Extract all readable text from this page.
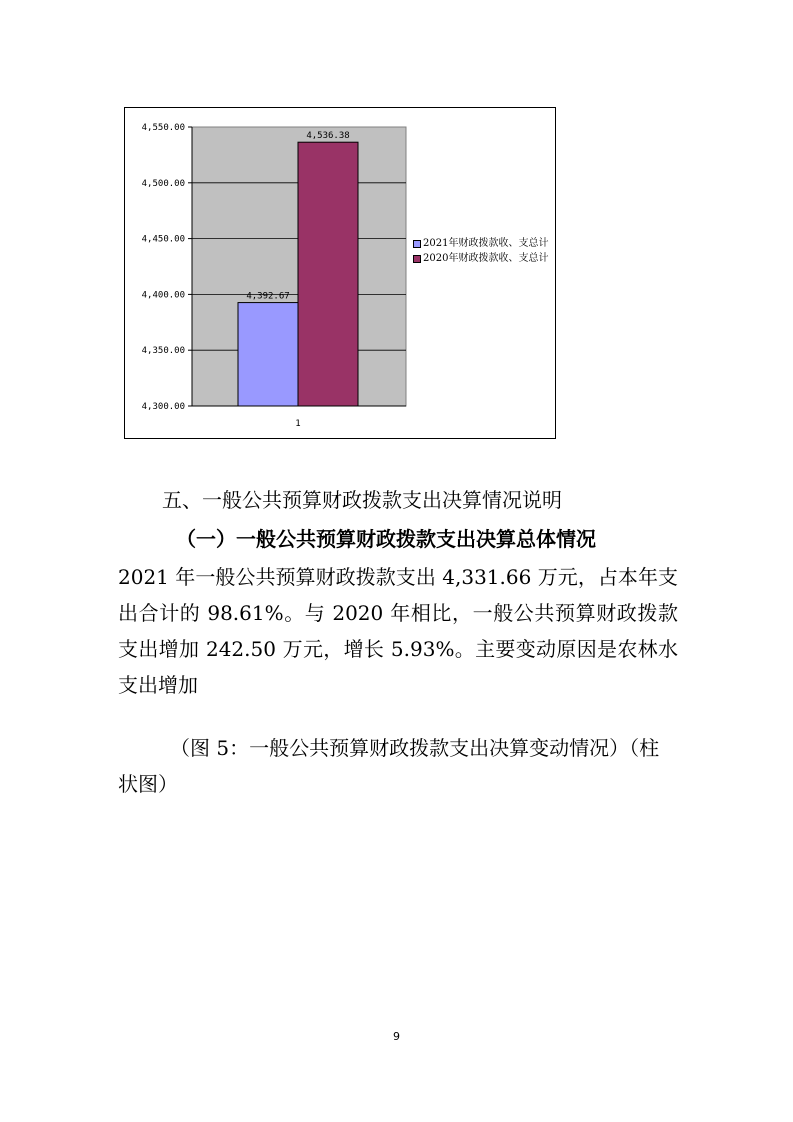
4,300.00
4,350.00
4,400.00
4,450.00
4,500.00
4,550.00
4,392.67
4,536.38
1
2021年财政拨款收、支总计
2020年财政拨款收、支总计
五、一般公共预算财政拨款支出决算情况说明
（一）一般公共预算财政拨款支出决算总体情况
2021 年一般公共预算财政拨款支出 4,331.66 万元，占本年支出合计的 98.61%。与 2020 年相比，一般公共预算财政拨款支出增加 242.50 万元，增长 5.93%。主要变动原因是农林水支出增加
（图 5：一般公共预算财政拨款支出决算变动情况）（柱状图）
9
